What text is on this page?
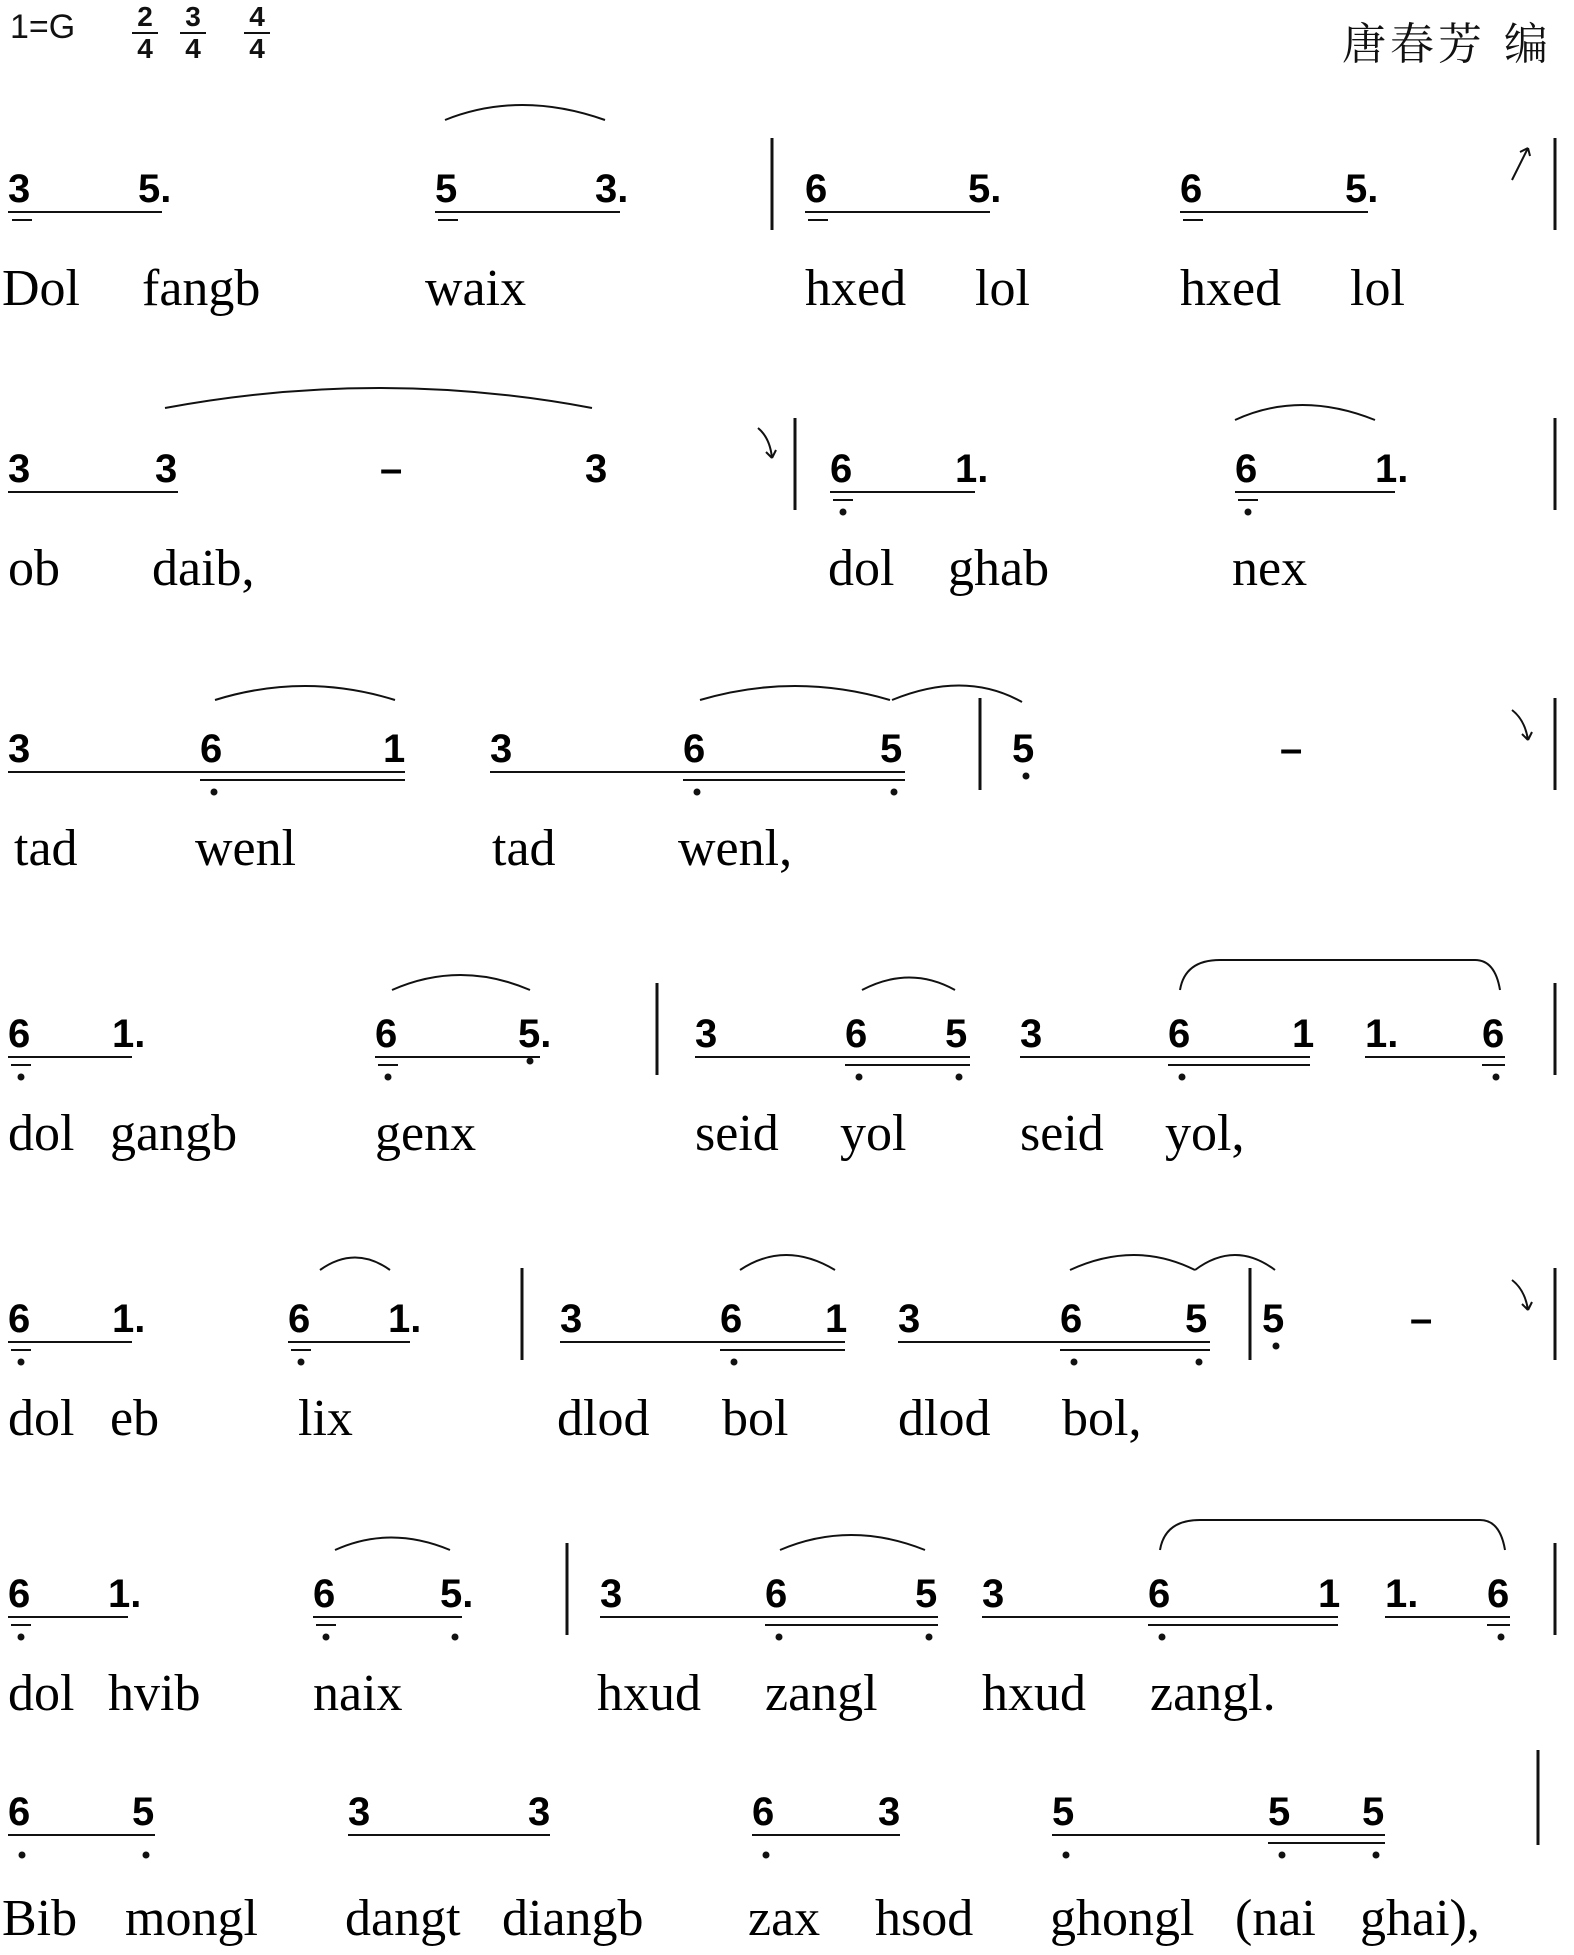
1=G	2
4
3
4
4
4	唐春芳 编
3	5.	5	3.	6	5.	6	5.
Dol fangb	waix	hxed lol	hxed lol
3	3	–	3	6	1.	6	1.
ob daib,	dol ghab	nex
3	6	1 3	6	5	5	–
tad wenl	tad wenl,
6 1.	6	5.	3	6 5 3	6	1 1. 6
dol gangb	genx	seid yol seid yol,
6 1.	6 1.	3	6 1 3	6	5 5	–
dol eb	lix	dlod bol dlod bol,
6 1.	6	5.	3	6	5 3	6	1 1. 6
dol hvib naix	hxud zangl hxud zangl.
6	5	3	3	6	3	5	5 5
Bib mongl dangt diangb zax hsod ghongl (nai ghai),
